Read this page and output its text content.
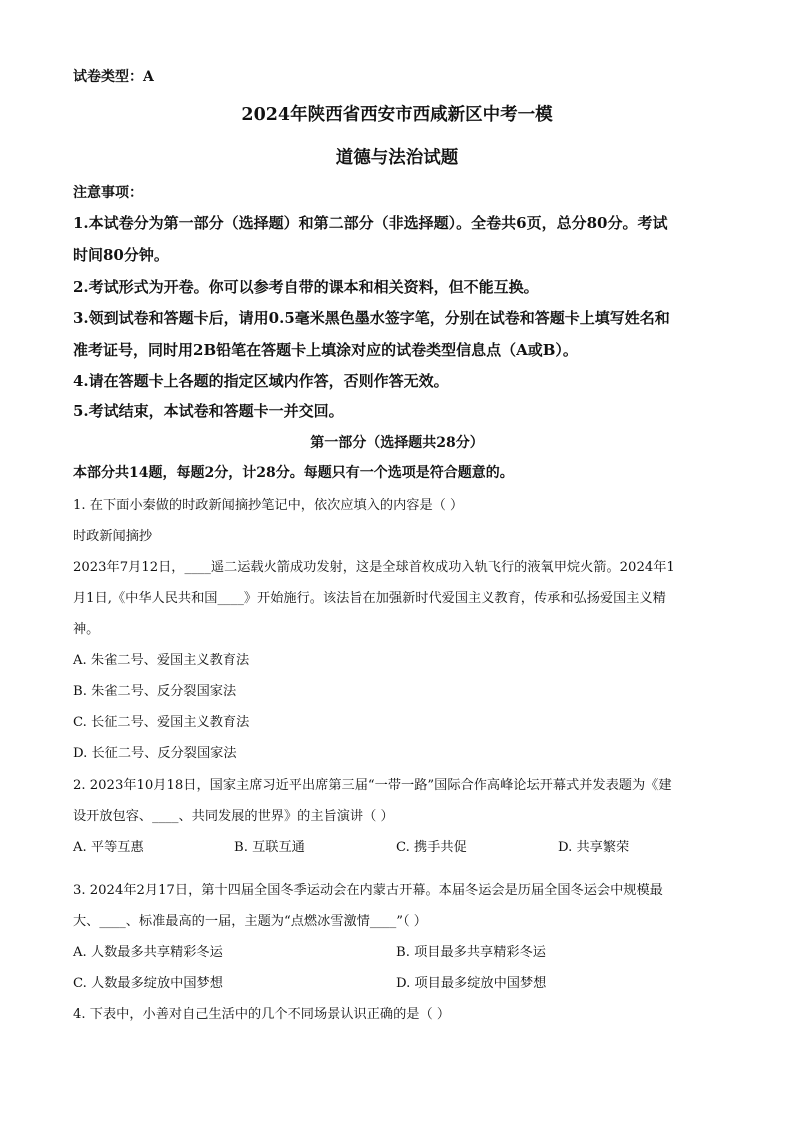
试卷类型：A
2024年陕西省西安市西咸新区中考一模
道德与法治试题
注意事项：
1.本试卷分为第一部分（选择题）和第二部分（非选择题）。全卷共6页，总分80分。考试
时间80分钟。
2.考试形式为开卷。你可以参考自带的课本和相关资料，但不能互换。
3.领到试卷和答题卡后，请用0.5毫米黑色墨水签字笔，分别在试卷和答题卡上填写姓名和
准考证号，同时用2B铅笔在答题卡上填涂对应的试卷类型信息点（A或B）。
4.请在答题卡上各题的指定区域内作答，否则作答无效。
5.考试结束，本试卷和答题卡一并交回。
第一部分（选择题共28分）
本部分共14题，每题2分，计28分。每题只有一个选项是符合题意的。
1. 在下面小秦做的时政新闻摘抄笔记中，依次应填入的内容是（ ）
时政新闻摘抄
2023年7月12日，____遥二运载火箭成功发射，这是全球首枚成功入轨飞行的液氧甲烷火箭。2024年1
月1日,《中华人民共和国____》开始施行。该法旨在加强新时代爱国主义教育，传承和弘扬爱国主义精
神。
A. 朱雀二号、爱国主义教育法
B. 朱雀二号、反分裂国家法
C. 长征二号、爱国主义教育法
D. 长征二号、反分裂国家法
2. 2023年10月18日，国家主席习近平出席第三届“一带一路”国际合作高峰论坛开幕式并发表题为《建
设开放包容、____、共同发展的世界》的主旨演讲（ ）
A. 平等互惠	B. 互联互通	C. 携手共促	D. 共享繁荣
3. 2024年2月17日，第十四届全国冬季运动会在内蒙古开幕。本届冬运会是历届全国冬运会中规模最
大、____、标准最高的一届，主题为“点燃冰雪激情____”（ ）
A. 人数最多共享精彩冬运	B. 项目最多共享精彩冬运
C. 人数最多绽放中国梦想	D. 项目最多绽放中国梦想
4. 下表中，小善对自己生活中的几个不同场景认识正确的是（ ）
